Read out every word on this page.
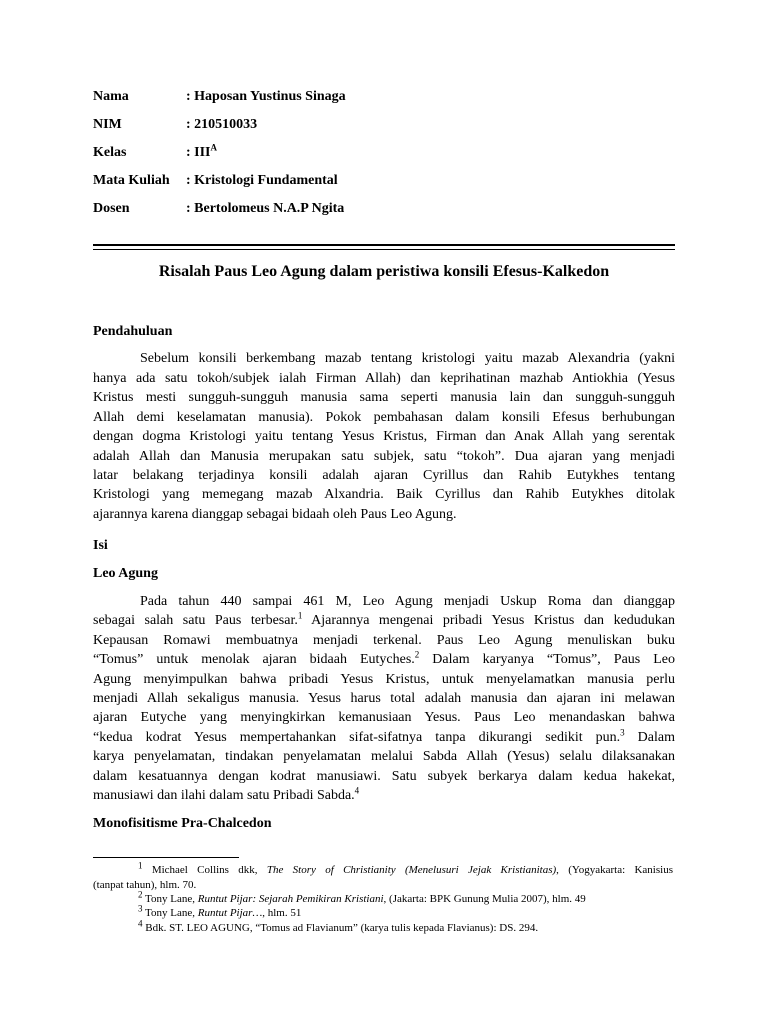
Nama	: Haposan Yustinus Sinaga
NIM	: 210510033
Kelas	: $III^A$
Mata Kuliah : Kristologi Fundamental
Dosen	: Bertolomeus N.A.P Ngita
Risalah Paus Leo Agung dalam peristiwa konsili Efesus-Kalkedon
Pendahuluan
Sebelum konsili berkembang mazab tentang kristologi yaitu mazab Alexandria (yakni
hanya ada satu tokoh/subjek ialah Firman Allah) dan keprihatinan mazhab Antiokhia (Yesus
Kristus mesti sungguh-sungguh manusia sama seperti manusia lain dan sungguh-sungguh
Allah demi keselamatan manusia). Pokok pembahasan dalam konsili Efesus berhubungan
dengan dogma Kristologi yaitu tentang Yesus Kristus, Firman dan Anak Allah yang serentak
adalah Allah dan Manusia merupakan satu subjek, satu “tokoh”. Dua ajaran yang menjadi
latar belakang terjadinya konsili adalah ajaran Cyrillus dan Rahib Eutykhes tentang
Kristologi yang memegang mazab Alxandria. Baik Cyrillus dan Rahib Eutykhes ditolak
ajarannya karena dianggap sebagai bidaah oleh Paus Leo Agung.
Isi
Leo Agung
Pada tahun 440 sampai 461 M, Leo Agung menjadi Uskup Roma dan dianggap
sebagai salah satu Paus terbesar.$^1$ Ajarannya mengenai pribadi Yesus Kristus dan kedudukan
Kepausan Romawi membuatnya menjadi terkenal. Paus Leo Agung menuliskan buku
“Tomus” untuk menolak ajaran bidaah Eutyches.$^2$ Dalam karyanya “Tomus”, Paus Leo
Agung menyimpulkan bahwa pribadi Yesus Kristus, untuk menyelamatkan manusia perlu
menjadi Allah sekaligus manusia. Yesus harus total adalah manusia dan ajaran ini melawan
ajaran Eutyche yang menyingkirkan kemanusiaan Yesus. Paus Leo menandaskan bahwa
“kedua kodrat Yesus mempertahankan sifat-sifatnya tanpa dikurangi sedikit pun.$^3$ Dalam
karya penyelamatan, tindakan penyelamatan melalui Sabda Allah (Yesus) selalu dilaksanakan
dalam kesatuannya dengan kodrat manusiawi. Satu subyek berkarya dalam kedua hakekat,
manusiawi dan ilahi dalam satu Pribadi Sabda.$^4$
Monofisitisme Pra-Chalcedon
$^1$ Michael Collins dkk, The Story of Christianity (Menelusuri Jejak Kristianitas), (Yogyakarta: Kanisius
(tanpat tahun), hlm. 70.
$^2$ Tony Lane, Runtut Pijar: Sejarah Pemikiran Kristiani, (Jakarta: BPK Gunung Mulia 2007), hlm. 49
$^3$ Tony Lane, Runtut Pijar…, hlm. 51
$^4$ Bdk. ST. LEO AGUNG, “Tomus ad Flavianum” (karya tulis kepada Flavianus): DS. 294.
